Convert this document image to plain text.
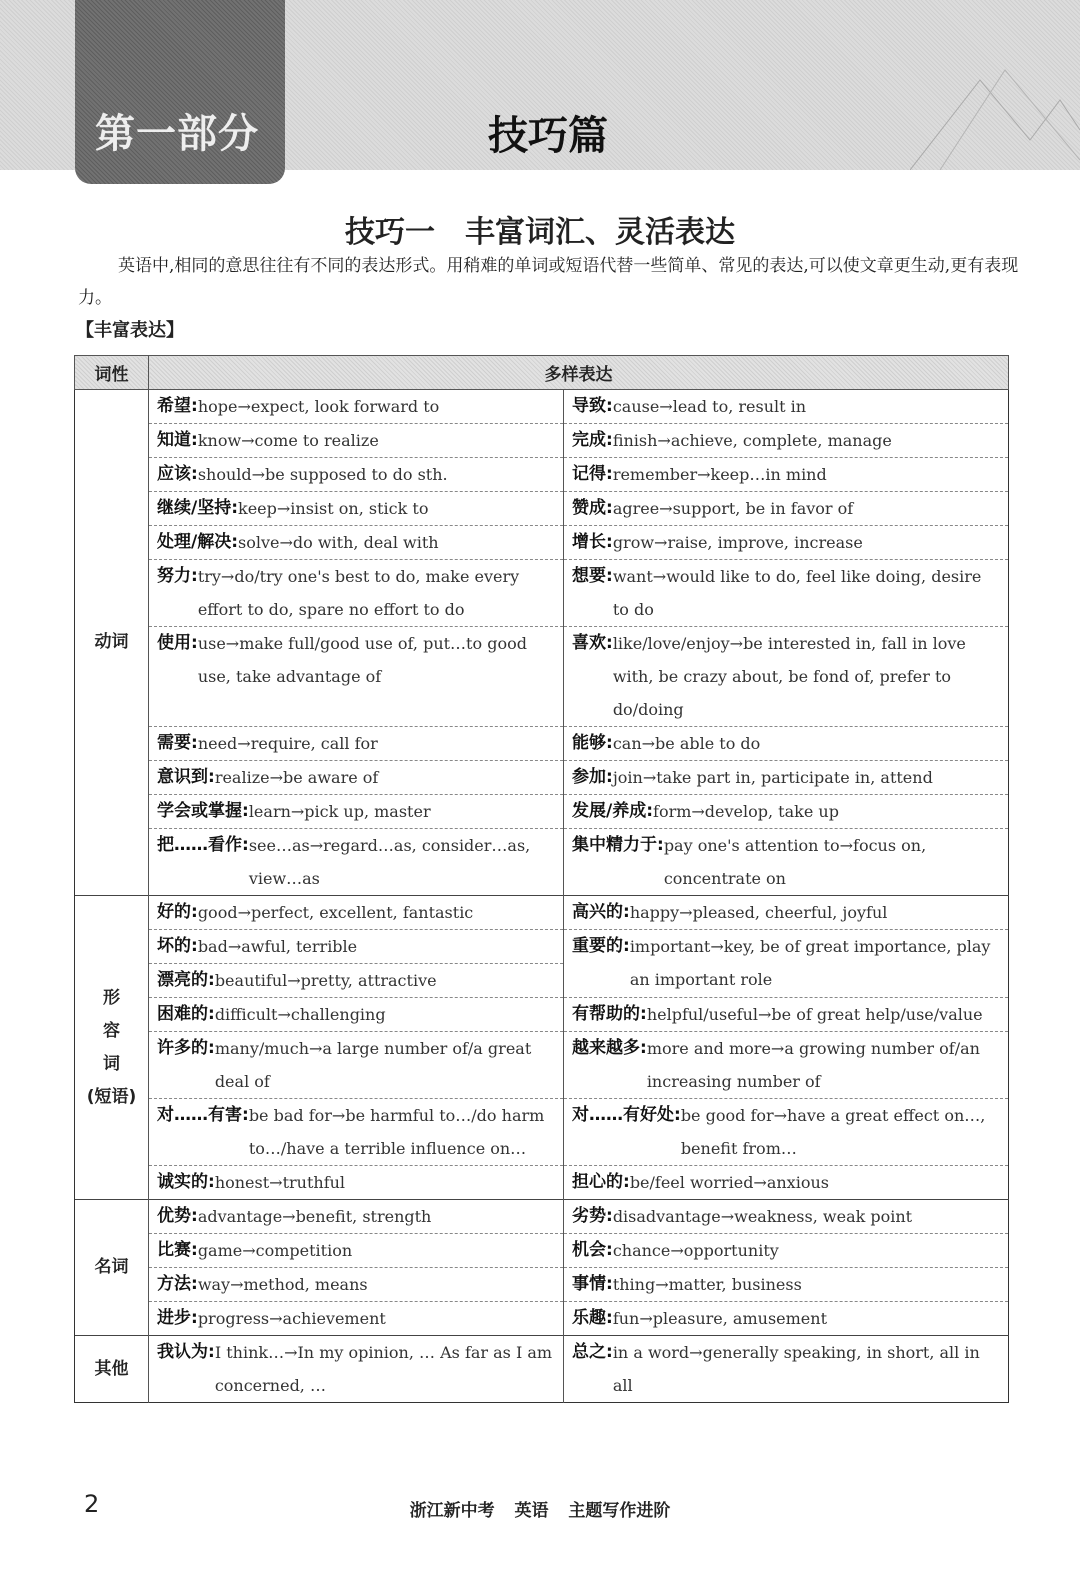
第一部分	技巧篇
技巧一　丰富词汇、灵活表达
英语中,相同的意思往往有不同的表达形式。用稍难的单词或短语代替一些简单、常见的表达,可以使文章更生动,更有表现力。
【丰富表达】
词性	多样表达	
动词	希望: hope→expect, look forward to	导致: cause→lead to, result in

	知道: know→come to realize	完成: finish→achieve, complete, manage

	应该: should→be supposed to do sth.	记得: remember→keep…in mind

	继续/坚持: keep→insist on, stick to	赞成: agree→support, be in favor of

	处理/解决: solve→do with, deal with	增长: grow→raise, improve, increase

	努力: try→do/try one's best to do, make every effort to do, spare no effort to do	想要: want→would like to do, feel like doing, desire to do

	使用: use→make full/good use of, put…to good use, take advantage of	喜欢: like/love/enjoy→be interested in, fall in love with, be crazy about, be fond of, prefer to do/doing

	需要: need→require, call for	能够: can→be able to do

	意识到: realize→be aware of	参加: join→take part in, participate in, attend

	学会或掌握: learn→pick up, master	发展/养成: form→develop, take up

	把……看作: see…as→regard…as, consider…as, view…as	集中精力于: pay one's attention to→focus on, concentrate on

形
容
词
(短语)	好的: good→perfect, excellent, fantastic	高兴的: happy→pleased, cheerful, joyful

	坏的: bad→awful, terrible	重要的: important→key, be of great importance, play an important role

	漂亮的: beautiful→pretty, attractive	

	困难的: difficult→challenging	有帮助的: helpful/useful→be of great help/use/value

	许多的: many/much→a large number of/a great deal of	越来越多: more and more→a growing number of/an increasing number of

	对……有害: be bad for→be harmful to…/do harm to…/have a terrible influence on…	对……有好处: be good for→have a great effect on…, benefit from…

	诚实的: honest→truthful	担心的: be/feel worried→anxious

名词	优势: advantage→benefit, strength	劣势: disadvantage→weakness, weak point

	比赛: game→competition	机会: chance→opportunity

	方法: way→method, means	事情: thing→matter, business

	进步: progress→achievement	乐趣: fun→pleasure, amusement

其他	我认为: I think…→In my opinion, … As far as I am concerned, …	总之: in a word→generally speaking, in short, all in all
2	浙江新中考 英语 主题写作进阶
